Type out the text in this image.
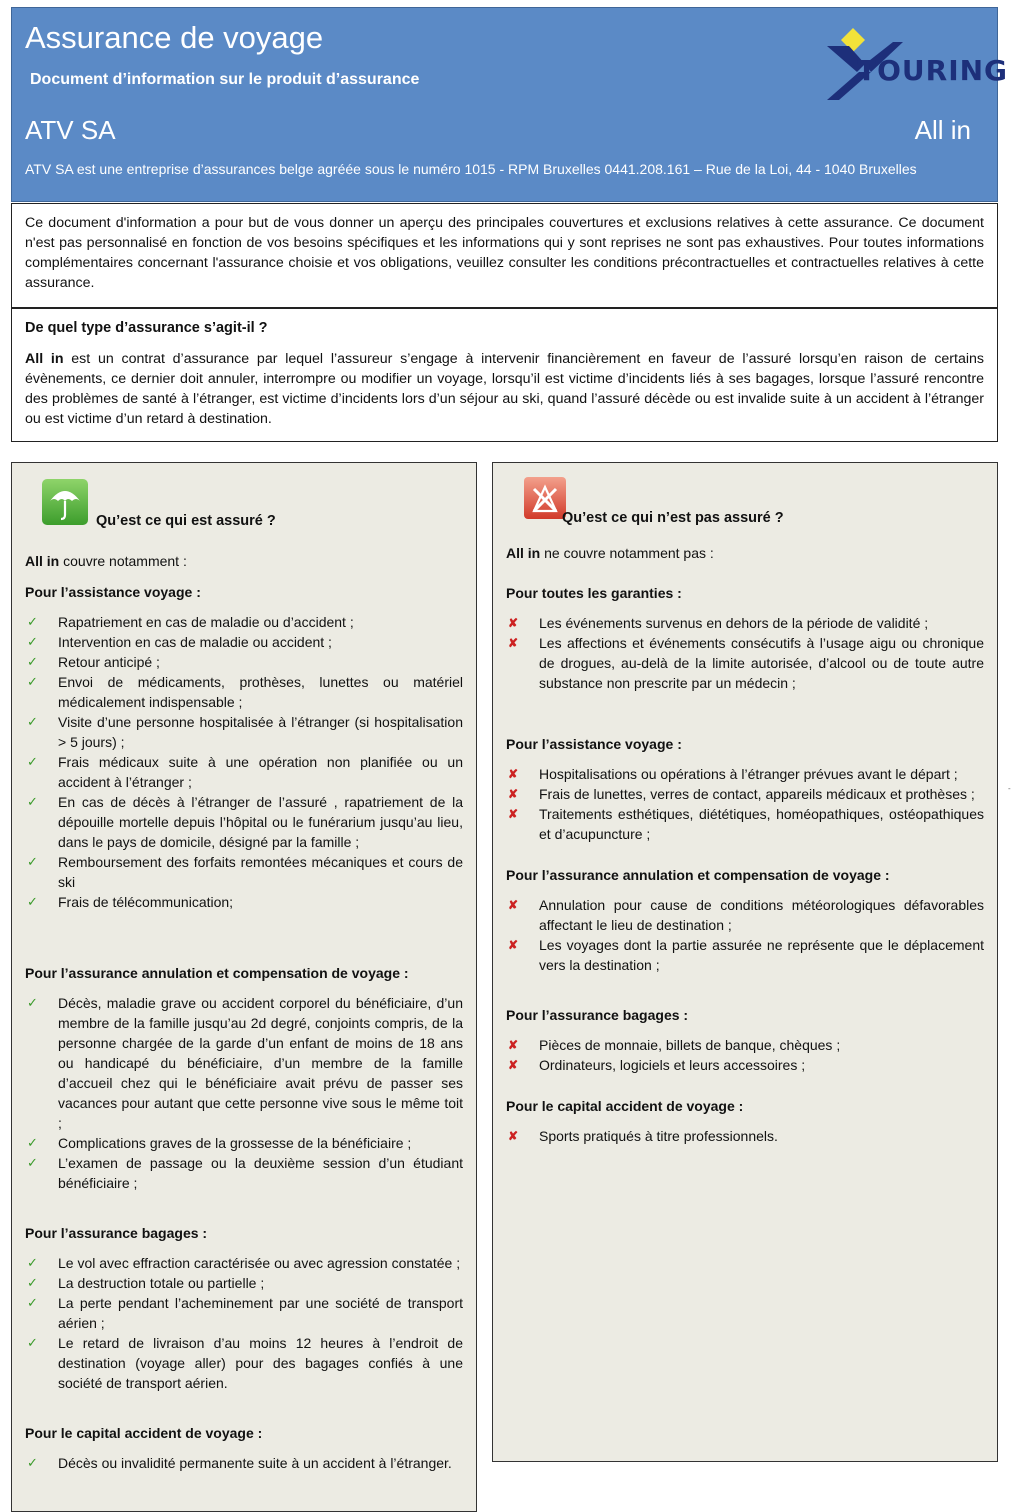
Assurance de voyage
Document d’information sur le produit d’assurance	TOURING
ATV SA	All in
ATV SA est une entreprise d’assurances belge agréée sous le numéro 1015 - RPM Bruxelles 0441.208.161 – Rue de la Loi, 44 - 1040 Bruxelles

Ce document d'information a pour but de vous donner un aperçu des principales couvertures et exclusions relatives à cette assurance. Ce document n'est pas personnalisé en fonction de vos besoins spécifiques et les informations qui y sont reprises ne sont pas exhaustives. Pour toutes informations complémentaires concernant l'assurance choisie et vos obligations, veuillez consulter les conditions précontractuelles et contractuelles relatives à cette assurance.

De quel type d’assurance s’agit-il ?

All in est un contrat d’assurance par lequel l’assureur s’engage à intervenir financièrement en faveur de l’assuré lorsqu’en raison de certains évènements, ce dernier doit annuler, interrompre ou modifier un voyage, lorsqu’il est victime d’incidents liés à ses bagages, lorsque l’assuré rencontre des problèmes de santé à l’étranger, est victime d’incidents lors d’un séjour au ski, quand l’assuré décède ou est invalide suite à un accident à l’étranger ou est victime d’un retard à destination.

Qu’est ce qui est assuré ?

All in couvre notamment :

Pour l’assistance voyage :
✓ Rapatriement en cas de maladie ou d’accident ;
✓ Intervention en cas de maladie ou accident ;
✓ Retour anticipé ;
✓ Envoi de médicaments, prothèses, lunettes ou matériel médicalement indispensable ;
✓ Visite d’une personne hospitalisée à l’étranger (si hospitalisation > 5 jours) ;
✓ Frais médicaux suite à une opération non planifiée ou un accident à l’étranger ;
✓ En cas de décès à l’étranger de l’assuré , rapatriement de la dépouille mortelle depuis l’hôpital ou le funérarium jusqu’au lieu, dans le pays de domicile, désigné par la famille ;
✓ Remboursement des forfaits remontées mécaniques et cours de ski
✓ Frais de télécommunication;
Pour l’assurance annulation et compensation de voyage :
✓ Décès, maladie grave ou accident corporel du bénéficiaire, d’un membre de la famille jusqu’au 2d degré, conjoints compris, de la personne chargée de la garde d’un enfant de moins de 18 ans ou handicapé du bénéficiaire, d’un membre de la famille d’accueil chez qui le bénéficiaire avait prévu de passer ses vacances pour autant que cette personne vive sous le même toit ;
✓ Complications graves de la grossesse de la bénéficiaire ;
✓ L’examen de passage ou la deuxième session d’un étudiant bénéficiaire ;
Pour l’assurance bagages :
✓ Le vol avec effraction caractérisée ou avec agression constatée ;
✓ La destruction totale ou partielle ;
✓ La perte pendant l’acheminement par une société de transport aérien ;
✓ Le retard de livraison d’au moins 12 heures à l’endroit de destination (voyage aller) pour des bagages confiés à une société de transport aérien.
Pour le capital accident de voyage :
✓ Décès ou invalidité permanente suite à un accident à l’étranger.
Qu’est ce qui n’est pas assuré ?

All in ne couvre notamment pas :

Pour toutes les garanties :
✘ Les événements survenus en dehors de la période de validité ;
✘ Les affections et événements consécutifs à l’usage aigu ou chronique de drogues, au-delà de la limite autorisée, d’alcool ou de toute autre substance non prescrite par un médecin ;
Pour l’assistance voyage :
✘ Hospitalisations ou opérations à l’étranger prévues avant le départ ;
✘ Frais de lunettes, verres de contact, appareils médicaux et prothèses ;
✘ Traitements esthétiques, diététiques, homéopathiques, ostéopathiques et d’acupuncture ;
Pour l’assurance annulation et compensation de voyage :
✘ Annulation pour cause de conditions météorologiques défavorables affectant le lieu de destination ;
✘ Les voyages dont la partie assurée ne représente que le déplacement vers la destination ;
Pour l’assurance bagages :
✘ Pièces de monnaie, billets de banque, chèques ;
✘ Ordinateurs, logiciels et leurs accessoires ;
Pour le capital accident de voyage :
✘ Sports pratiqués à titre professionnels.
-
